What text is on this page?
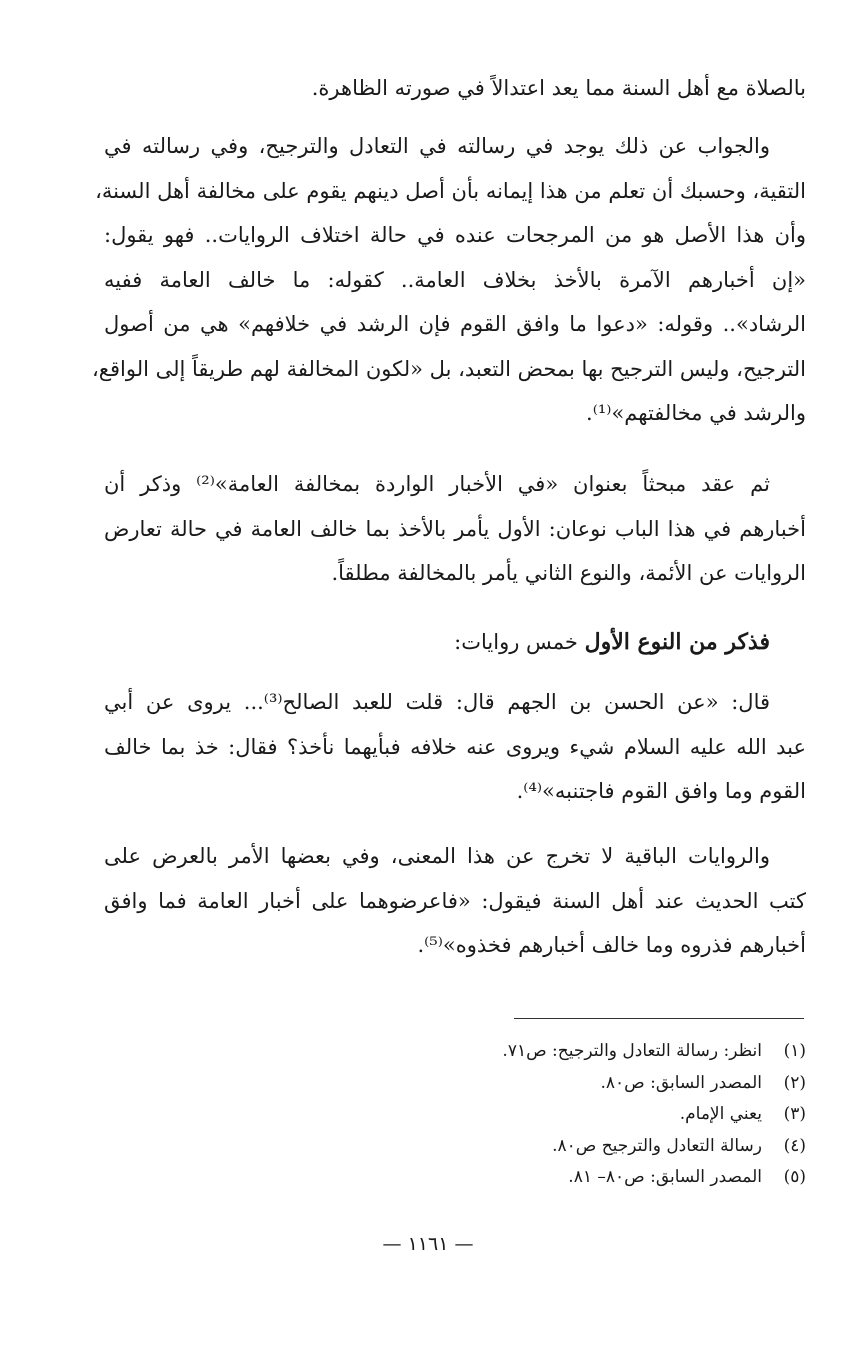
بالصلاة مع أهل السنة مما يعد اعتدالاً في صورته الظاهرة.
والجواب عن ذلك يوجد في رسالته في التعادل والترجيح، وفي رسالته في
التقية، وحسبك أن تعلم من هذا إيمانه بأن أصل دينهم يقوم على مخالفة أهل السنة،
وأن هذا الأصل هو من المرجحات عنده في حالة اختلاف الروايات.. فهو يقول:
«إن أخبارهم الآمرة بالأخذ بخلاف العامة.. كقوله: ما خالف العامة ففيه
الرشاد».. وقوله: «دعوا ما وافق القوم فإن الرشد في خلافهم» هي من أصول
الترجيح، وليس الترجيح بها بمحض التعبد، بل «لكون المخالفة لهم طريقاً إلى الواقع،
والرشد في مخالفتهم»⁽¹⁾.
ثم عقد مبحثاً بعنوان «في الأخبار الواردة بمخالفة العامة»⁽²⁾ وذكر أن
أخبارهم في هذا الباب نوعان: الأول يأمر بالأخذ بما خالف العامة في حالة تعارض
الروايات عن الأئمة، والنوع الثاني يأمر بالمخالفة مطلقاً.
فذكر من النوع الأول خمس روايات:
قال: «عن الحسن بن الجهم قال: قلت للعبد الصالح⁽³⁾... يروى عن أبي
عبد الله عليه السلام شيء ويروى عنه خلافه فبأيهما نأخذ؟ فقال: خذ بما خالف
القوم وما وافق القوم فاجتنبه»⁽⁴⁾.
والروايات الباقية لا تخرج عن هذا المعنى، وفي بعضها الأمر بالعرض على
كتب الحديث عند أهل السنة فيقول: «فاعرضوهما على أخبار العامة فما وافق
أخبارهم فذروه وما خالف أخبارهم فخذوه»⁽⁵⁾.
(١)انظر: رسالة التعادل والترجيح: ص٧١.
(٢)المصدر السابق: ص٨٠.
(٣)يعني الإمام.
(٤)رسالة التعادل والترجيح ص٨٠.
(٥)المصدر السابق: ص٨٠– ٨١.
— ١١٦١ —
